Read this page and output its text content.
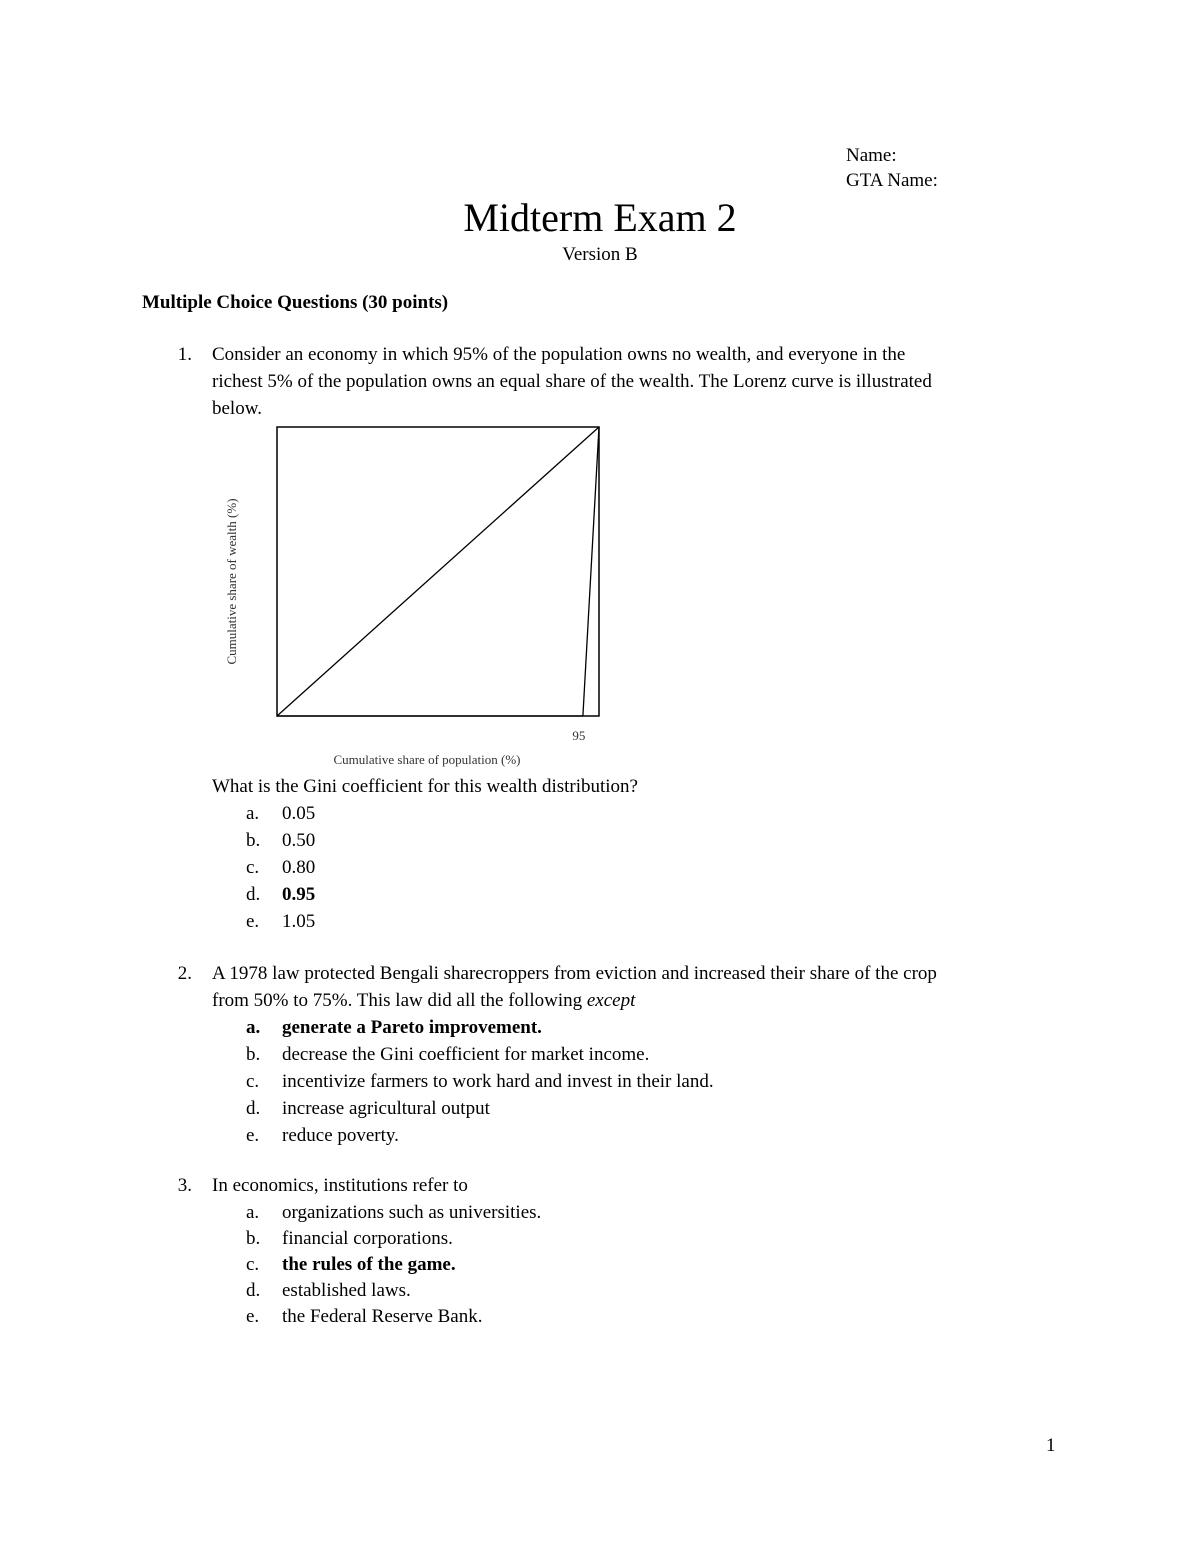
Name:
GTA Name:
Midterm Exam 2
Version B
Multiple Choice Questions (30 points)
1. Consider an economy in which 95% of the population owns no wealth, and everyone in the
richest 5% of the population owns an equal share of the wealth. The Lorenz curve is illustrated
below.
95
Cumulative share of population (%)
Cumulative share of wealth (%)
What is the Gini coefficient for this wealth distribution?
a.	0.05
b.	0.50
c.	0.80
d.	0.95
e.	1.05
2. A 1978 law protected Bengali sharecroppers from eviction and increased their share of the crop
from 50% to 75%. This law did all the following except
a.	generate a Pareto improvement.
b.	decrease the Gini coefficient for market income.
c.	incentivize farmers to work hard and invest in their land.
d.	increase agricultural output
e.	reduce poverty.
3. In economics, institutions refer to
a.	organizations such as universities.
b.	financial corporations.
c.	the rules of the game.
d.	established laws.
e.	the Federal Reserve Bank.
1
